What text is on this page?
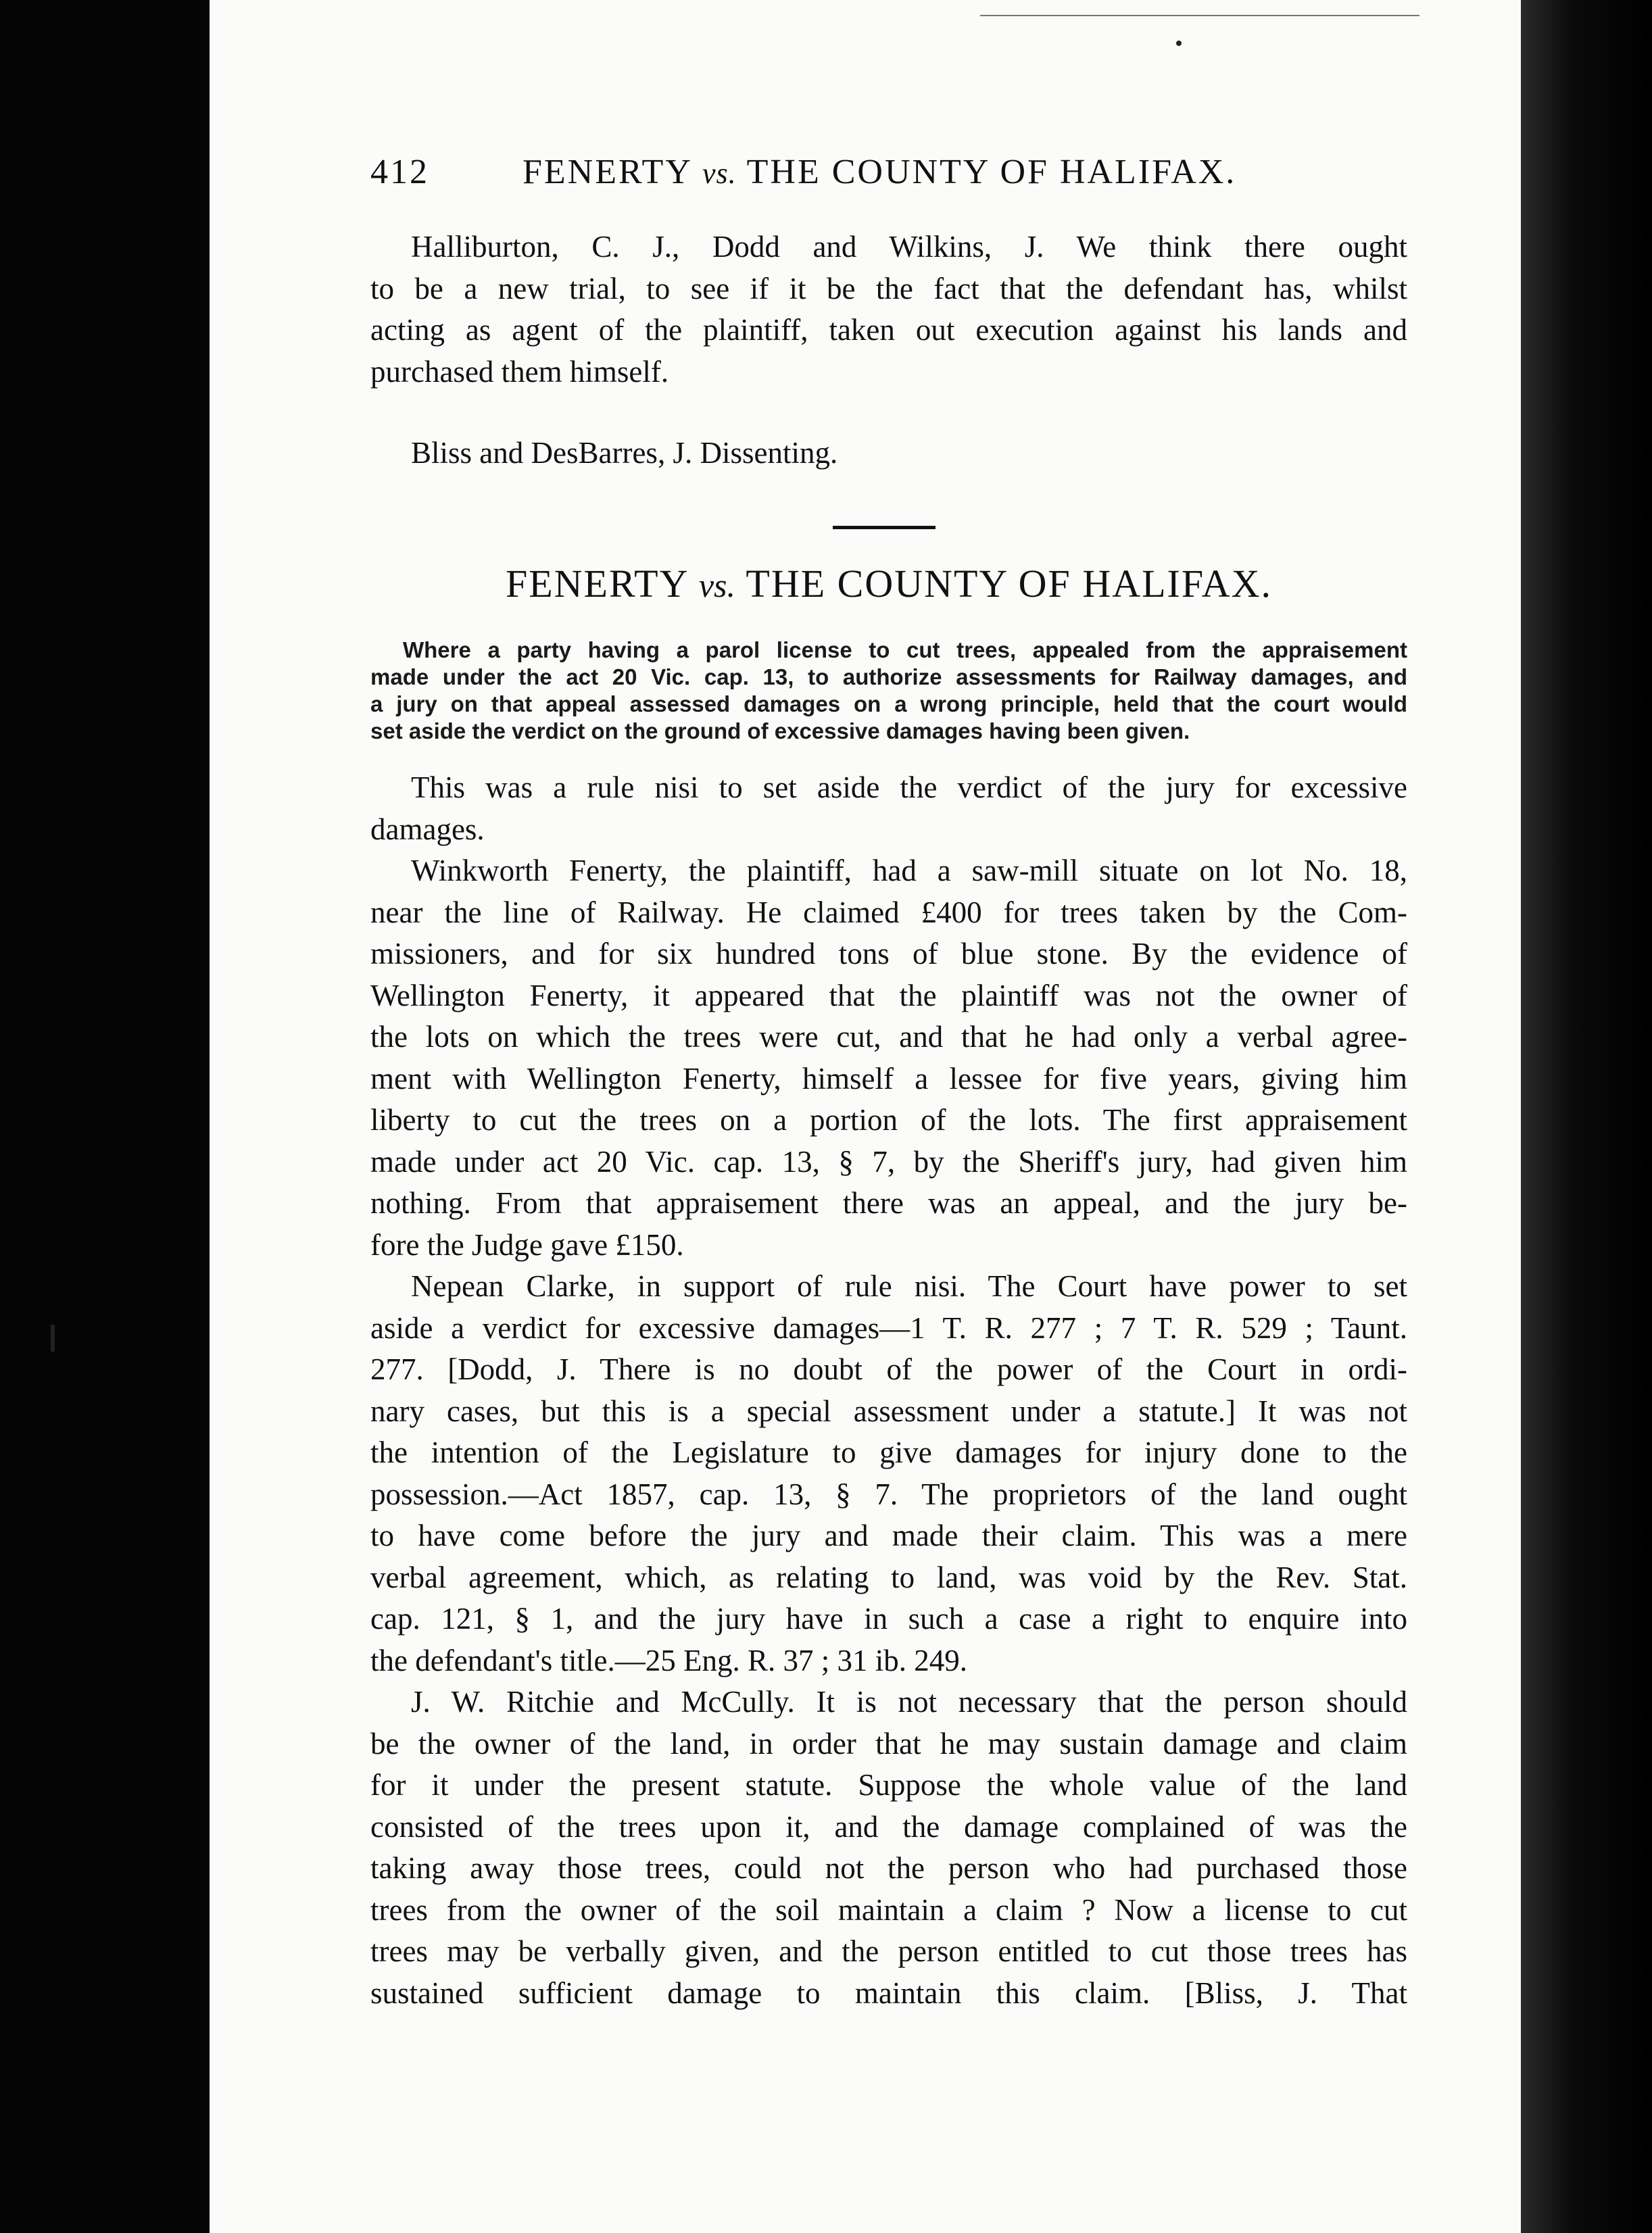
412	FENERTY vs. THE COUNTY OF HALIFAX.
Halliburton, C. J., Dodd and Wilkins, J. We think there ought
to be a new trial, to see if it be the fact that the defendant has, whilst
acting as agent of the plaintiff, taken out execution against his lands and
purchased them himself.
Bliss and DesBarres, J. Dissenting.
FENERTY vs. THE COUNTY OF HALIFAX.
Where a party having a parol license to cut trees, appealed from the appraisement
made under the act 20 Vic. cap. 13, to authorize assessments for Railway damages, and
a jury on that appeal assessed damages on a wrong principle, held that the court would
set aside the verdict on the ground of excessive damages having been given.
This was a rule nisi to set aside the verdict of the jury for excessive
damages.
Winkworth Fenerty, the plaintiff, had a saw-mill situate on lot No. 18,
near the line of Railway. He claimed £400 for trees taken by the Com-
missioners, and for six hundred tons of blue stone. By the evidence of
Wellington Fenerty, it appeared that the plaintiff was not the owner of
the lots on which the trees were cut, and that he had only a verbal agree-
ment with Wellington Fenerty, himself a lessee for five years, giving him
liberty to cut the trees on a portion of the lots. The first appraisement
made under act 20 Vic. cap. 13, § 7, by the Sheriff's jury, had given him
nothing. From that appraisement there was an appeal, and the jury be-
fore the Judge gave £150.
Nepean Clarke, in support of rule nisi. The Court have power to set
aside a verdict for excessive damages—1 T. R. 277 ; 7 T. R. 529 ; Taunt.
277. [Dodd, J. There is no doubt of the power of the Court in ordi-
nary cases, but this is a special assessment under a statute.] It was not
the intention of the Legislature to give damages for injury done to the
possession.—Act 1857, cap. 13, § 7. The proprietors of the land ought
to have come before the jury and made their claim. This was a mere
verbal agreement, which, as relating to land, was void by the Rev. Stat.
cap. 121, § 1, and the jury have in such a case a right to enquire into
the defendant's title.—25 Eng. R. 37 ; 31 ib. 249.
J. W. Ritchie and McCully. It is not necessary that the person should
be the owner of the land, in order that he may sustain damage and claim
for it under the present statute. Suppose the whole value of the land
consisted of the trees upon it, and the damage complained of was the
taking away those trees, could not the person who had purchased those
trees from the owner of the soil maintain a claim ? Now a license to cut
trees may be verbally given, and the person entitled to cut those trees has
sustained sufficient damage to maintain this claim. [Bliss, J. That
